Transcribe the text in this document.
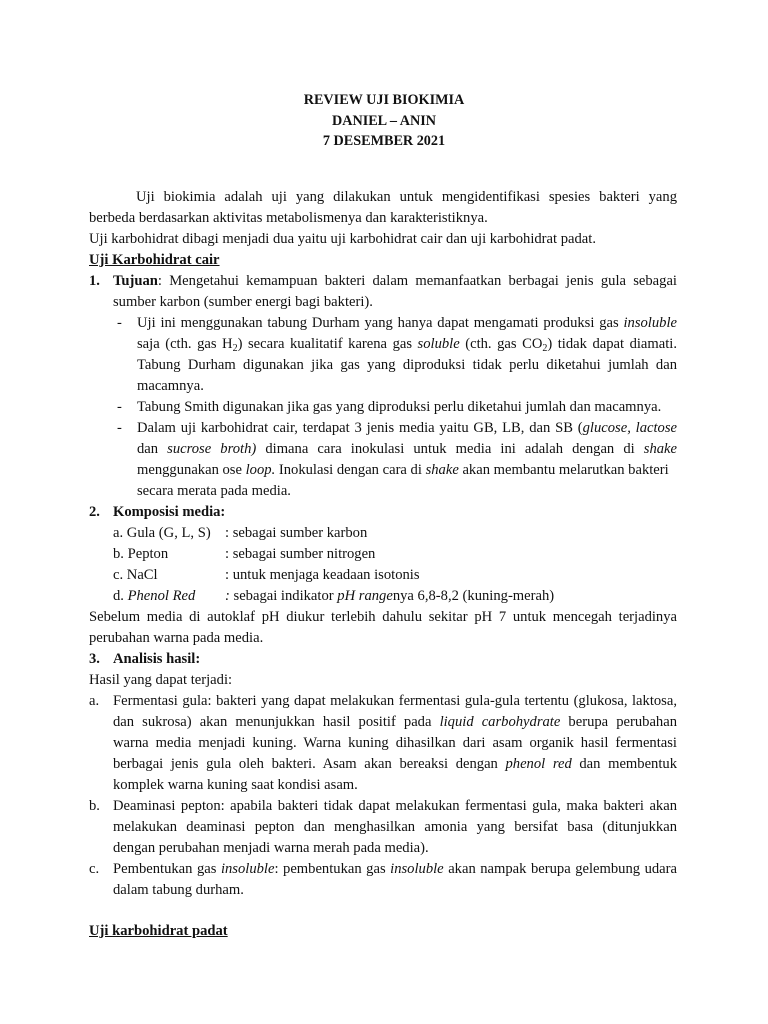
REVIEW UJI BIOKIMIA
DANIEL – ANIN
7 DESEMBER 2021
Uji biokimia adalah uji yang dilakukan untuk mengidentifikasi spesies bakteri yang
berbeda berdasarkan aktivitas metabolismenya dan karakteristiknya.
Uji karbohidrat dibagi menjadi dua yaitu uji karbohidrat cair dan uji karbohidrat padat.
Uji Karbohidrat cair
1. Tujuan: Mengetahui kemampuan bakteri dalam memanfaatkan berbagai jenis gula sebagai
sumber karbon (sumber energi bagi bakteri).
- Uji ini menggunakan tabung Durham yang hanya dapat mengamati produksi gas insoluble
saja (cth. gas $H_2$) secara kualitatif karena gas soluble (cth. gas $CO_2$) tidak dapat diamati.
Tabung Durham digunakan jika gas yang diproduksi tidak perlu diketahui jumlah dan
macamnya.
- Tabung Smith digunakan jika gas yang diproduksi perlu diketahui jumlah dan macamnya.
- Dalam uji karbohidrat cair, terdapat 3 jenis media yaitu GB, LB, dan SB (glucose, lactose
dan sucrose broth) dimana cara inokulasi untuk media ini adalah dengan di shake
menggunakan ose loop. Inokulasi dengan cara di shake akan membantu melarutkan bakteri
secara merata pada media.
2. Komposisi media:
a. Gula (G, L, S) : sebagai sumber karbon
b. Pepton	: sebagai sumber nitrogen
c. NaCl	: untuk menjaga keadaan isotonis
d. Phenol Red : sebagai indikator pH rangenya 6,8-8,2 (kuning-merah)
Sebelum media di autoklaf pH diukur terlebih dahulu sekitar pH 7 untuk mencegah terjadinya
perubahan warna pada media.
3. Analisis hasil:
Hasil yang dapat terjadi:
a. Fermentasi gula: bakteri yang dapat melakukan fermentasi gula-gula tertentu (glukosa, laktosa,
dan sukrosa) akan menunjukkan hasil positif pada liquid carbohydrate berupa perubahan
warna media menjadi kuning. Warna kuning dihasilkan dari asam organik hasil fermentasi
berbagai jenis gula oleh bakteri. Asam akan bereaksi dengan phenol red dan membentuk
komplek warna kuning saat kondisi asam.
b. Deaminasi pepton: apabila bakteri tidak dapat melakukan fermentasi gula, maka bakteri akan
melakukan deaminasi pepton dan menghasilkan amonia yang bersifat basa (ditunjukkan
dengan perubahan menjadi warna merah pada media).
c. Pembentukan gas insoluble: pembentukan gas insoluble akan nampak berupa gelembung udara
dalam tabung durham.
Uji karbohidrat padat
